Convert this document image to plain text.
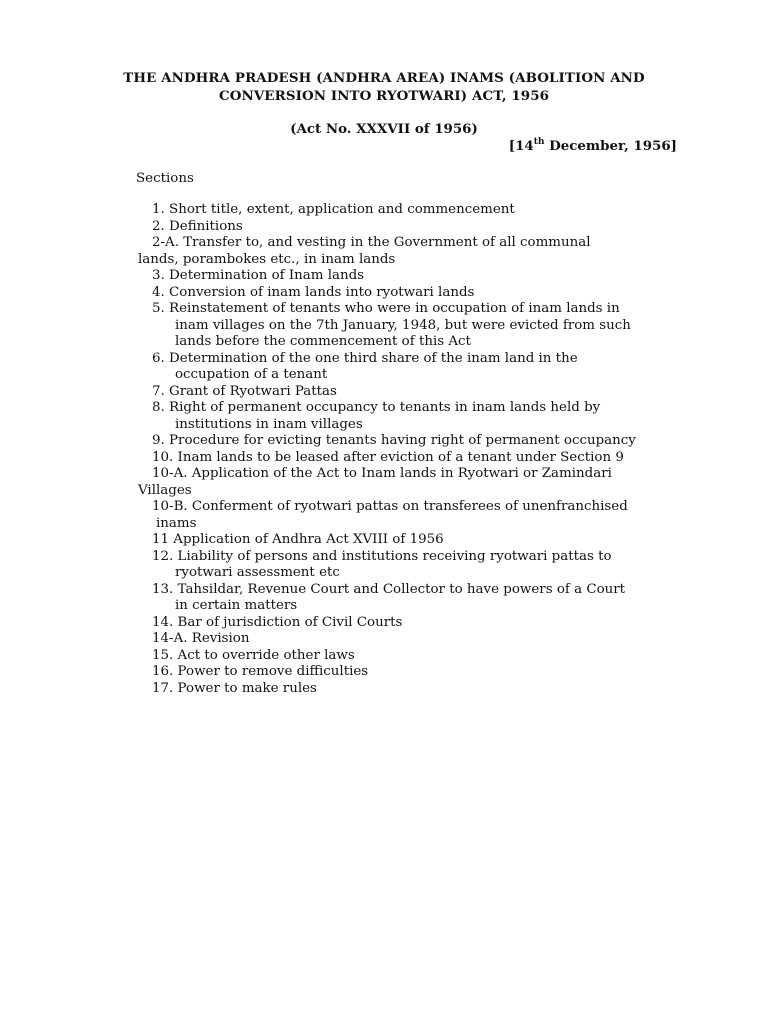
THE ANDHRA PRADESH (ANDHRA AREA) INAMS (ABOLITION AND
CONVERSION INTO RYOTWARI) ACT, 1956
(Act No. XXXVII of 1956)
[14th December, 1956]
Sections
1. Short title, extent, application and commencement
2. Definitions
2-A. Transfer to, and vesting in the Government of all communal
lands, porambokes etc., in inam lands
3. Determination of Inam lands
4. Conversion of inam lands into ryotwari lands
5. Reinstatement of tenants who were in occupation of inam lands in
inam villages on the 7th January, 1948, but were evicted from such
lands before the commencement of this Act
6. Determination of the one third share of the inam land in the
occupation of a tenant
7. Grant of Ryotwari Pattas
8. Right of permanent occupancy to tenants in inam lands held by
institutions in inam villages
9. Procedure for evicting tenants having right of permanent occupancy
10. Inam lands to be leased after eviction of a tenant under Section 9
10-A. Application of the Act to Inam lands in Ryotwari or Zamindari
Villages
10-B. Conferment of ryotwari pattas on transferees of unenfranchised
inams
11 Application of Andhra Act XVIII of 1956
12. Liability of persons and institutions receiving ryotwari pattas to
ryotwari assessment etc
13. Tahsildar, Revenue Court and Collector to have powers of a Court
in certain matters
14. Bar of jurisdiction of Civil Courts
14-A. Revision
15. Act to override other laws
16. Power to remove difficulties
17. Power to make rules
